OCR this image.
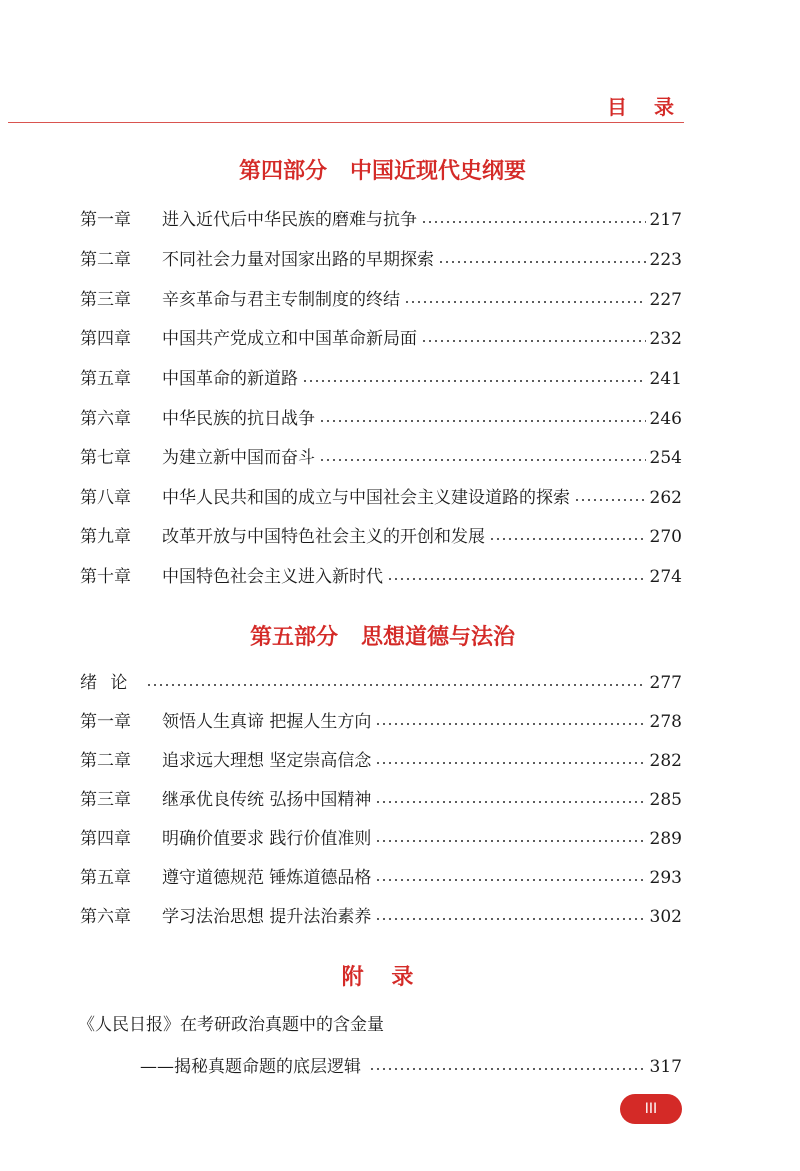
目 录
第四部分   中国近现代史纲要
第一章	进入近代后中华民族的磨难与抗争	217
第二章	不同社会力量对国家出路的早期探索	223
第三章	辛亥革命与君主专制制度的终结	227
第四章	中国共产党成立和中国革命新局面	232
第五章	中国革命的新道路	241
第六章	中华民族的抗日战争	246
第七章	为建立新中国而奋斗	254
第八章	中华人民共和国的成立与中国社会主义建设道路的探索	262
第九章	改革开放与中国特色社会主义的开创和发展	270
第十章	中国特色社会主义进入新时代	274
第五部分   思想道德与法治
绪 论	277
第一章	领悟人生真谛 把握人生方向	278
第二章	追求远大理想 坚定崇高信念	282
第三章	继承优良传统 弘扬中国精神	285
第四章	明确价值要求 践行价值准则	289
第五章	遵守道德规范 锤炼道德品格	293
第六章	学习法治思想 提升法治素养	302
附 录
《人民日报》在考研政治真题中的含金量
——揭秘真题命题的底层逻辑	317
III
